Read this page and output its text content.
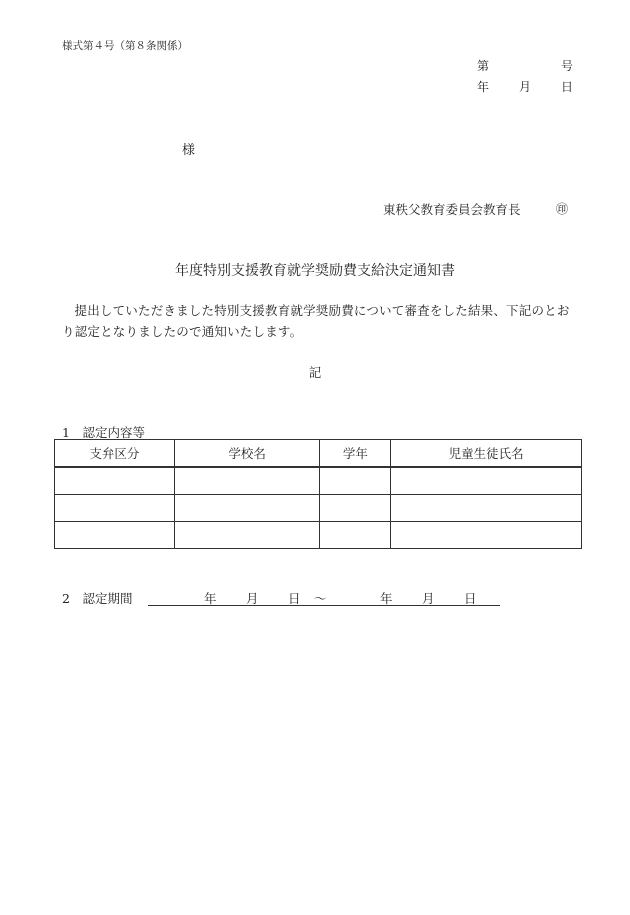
様式第４号（第８条関係）
第	号
年 月 日
様
東秩父教育委員会教育長	㊞
年度特別支援教育就学奨励費支給決定通知書
提出していただきました特別支援教育就学奨励費について審査をした結果、下記のとおり認定となりましたので通知いたします。
記
1　認定内容等
支弁区分	学校名	学年	児童生徒氏名

2　認定期間	年 月 日 ～	年 月 日
